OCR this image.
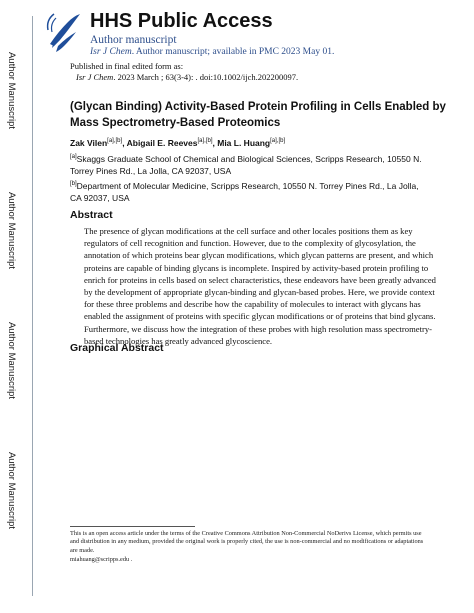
Author Manuscript
Author Manuscript
Author Manuscript
Author Manuscript
HHS Public Access
Author manuscript
Isr J Chem. Author manuscript; available in PMC 2023 May 01.
Published in final edited form as:
Isr J Chem. 2023 March ; 63(3-4): . doi:10.1002/ijch.202200097.
(Glycan Binding) Activity-Based Protein Profiling in Cells Enabled by Mass Spectrometry-Based Proteomics
Zak Vilen[a],[b], Abigail E. Reeves[a],[b], Mia L. Huang[a],[b]
[a]Skaggs Graduate School of Chemical and Biological Sciences, Scripps Research, 10550 N. Torrey Pines Rd., La Jolla, CA 92037, USA
[b]Department of Molecular Medicine, Scripps Research, 10550 N. Torrey Pines Rd., La Jolla, CA 92037, USA
Abstract
The presence of glycan modifications at the cell surface and other locales positions them as key regulators of cell recognition and function. However, due to the complexity of glycosylation, the annotation of which proteins bear glycan modifications, which glycan patterns are present, and which proteins are capable of binding glycans is incomplete. Inspired by activity-based protein profiling to enrich for proteins in cells based on select characteristics, these endeavors have been greatly advanced by the development of appropriate glycan-binding and glycan-based probes. Here, we provide context for these three problems and describe how the capability of molecules to interact with glycans has enabled the assignment of proteins with specific glycan modifications or of proteins that bind glycans. Furthermore, we discuss how the integration of these probes with high resolution mass spectrometry-based technologies has greatly advanced glycoscience.
Graphical Abstract
This is an open access article under the terms of the Creative Commons Attribution Non-Commercial NoDerivs License, which permits use and distribution in any medium, provided the original work is properly cited, the use is non-commercial and no modifications or adaptations are made.
miahuang@scripps.edu .
